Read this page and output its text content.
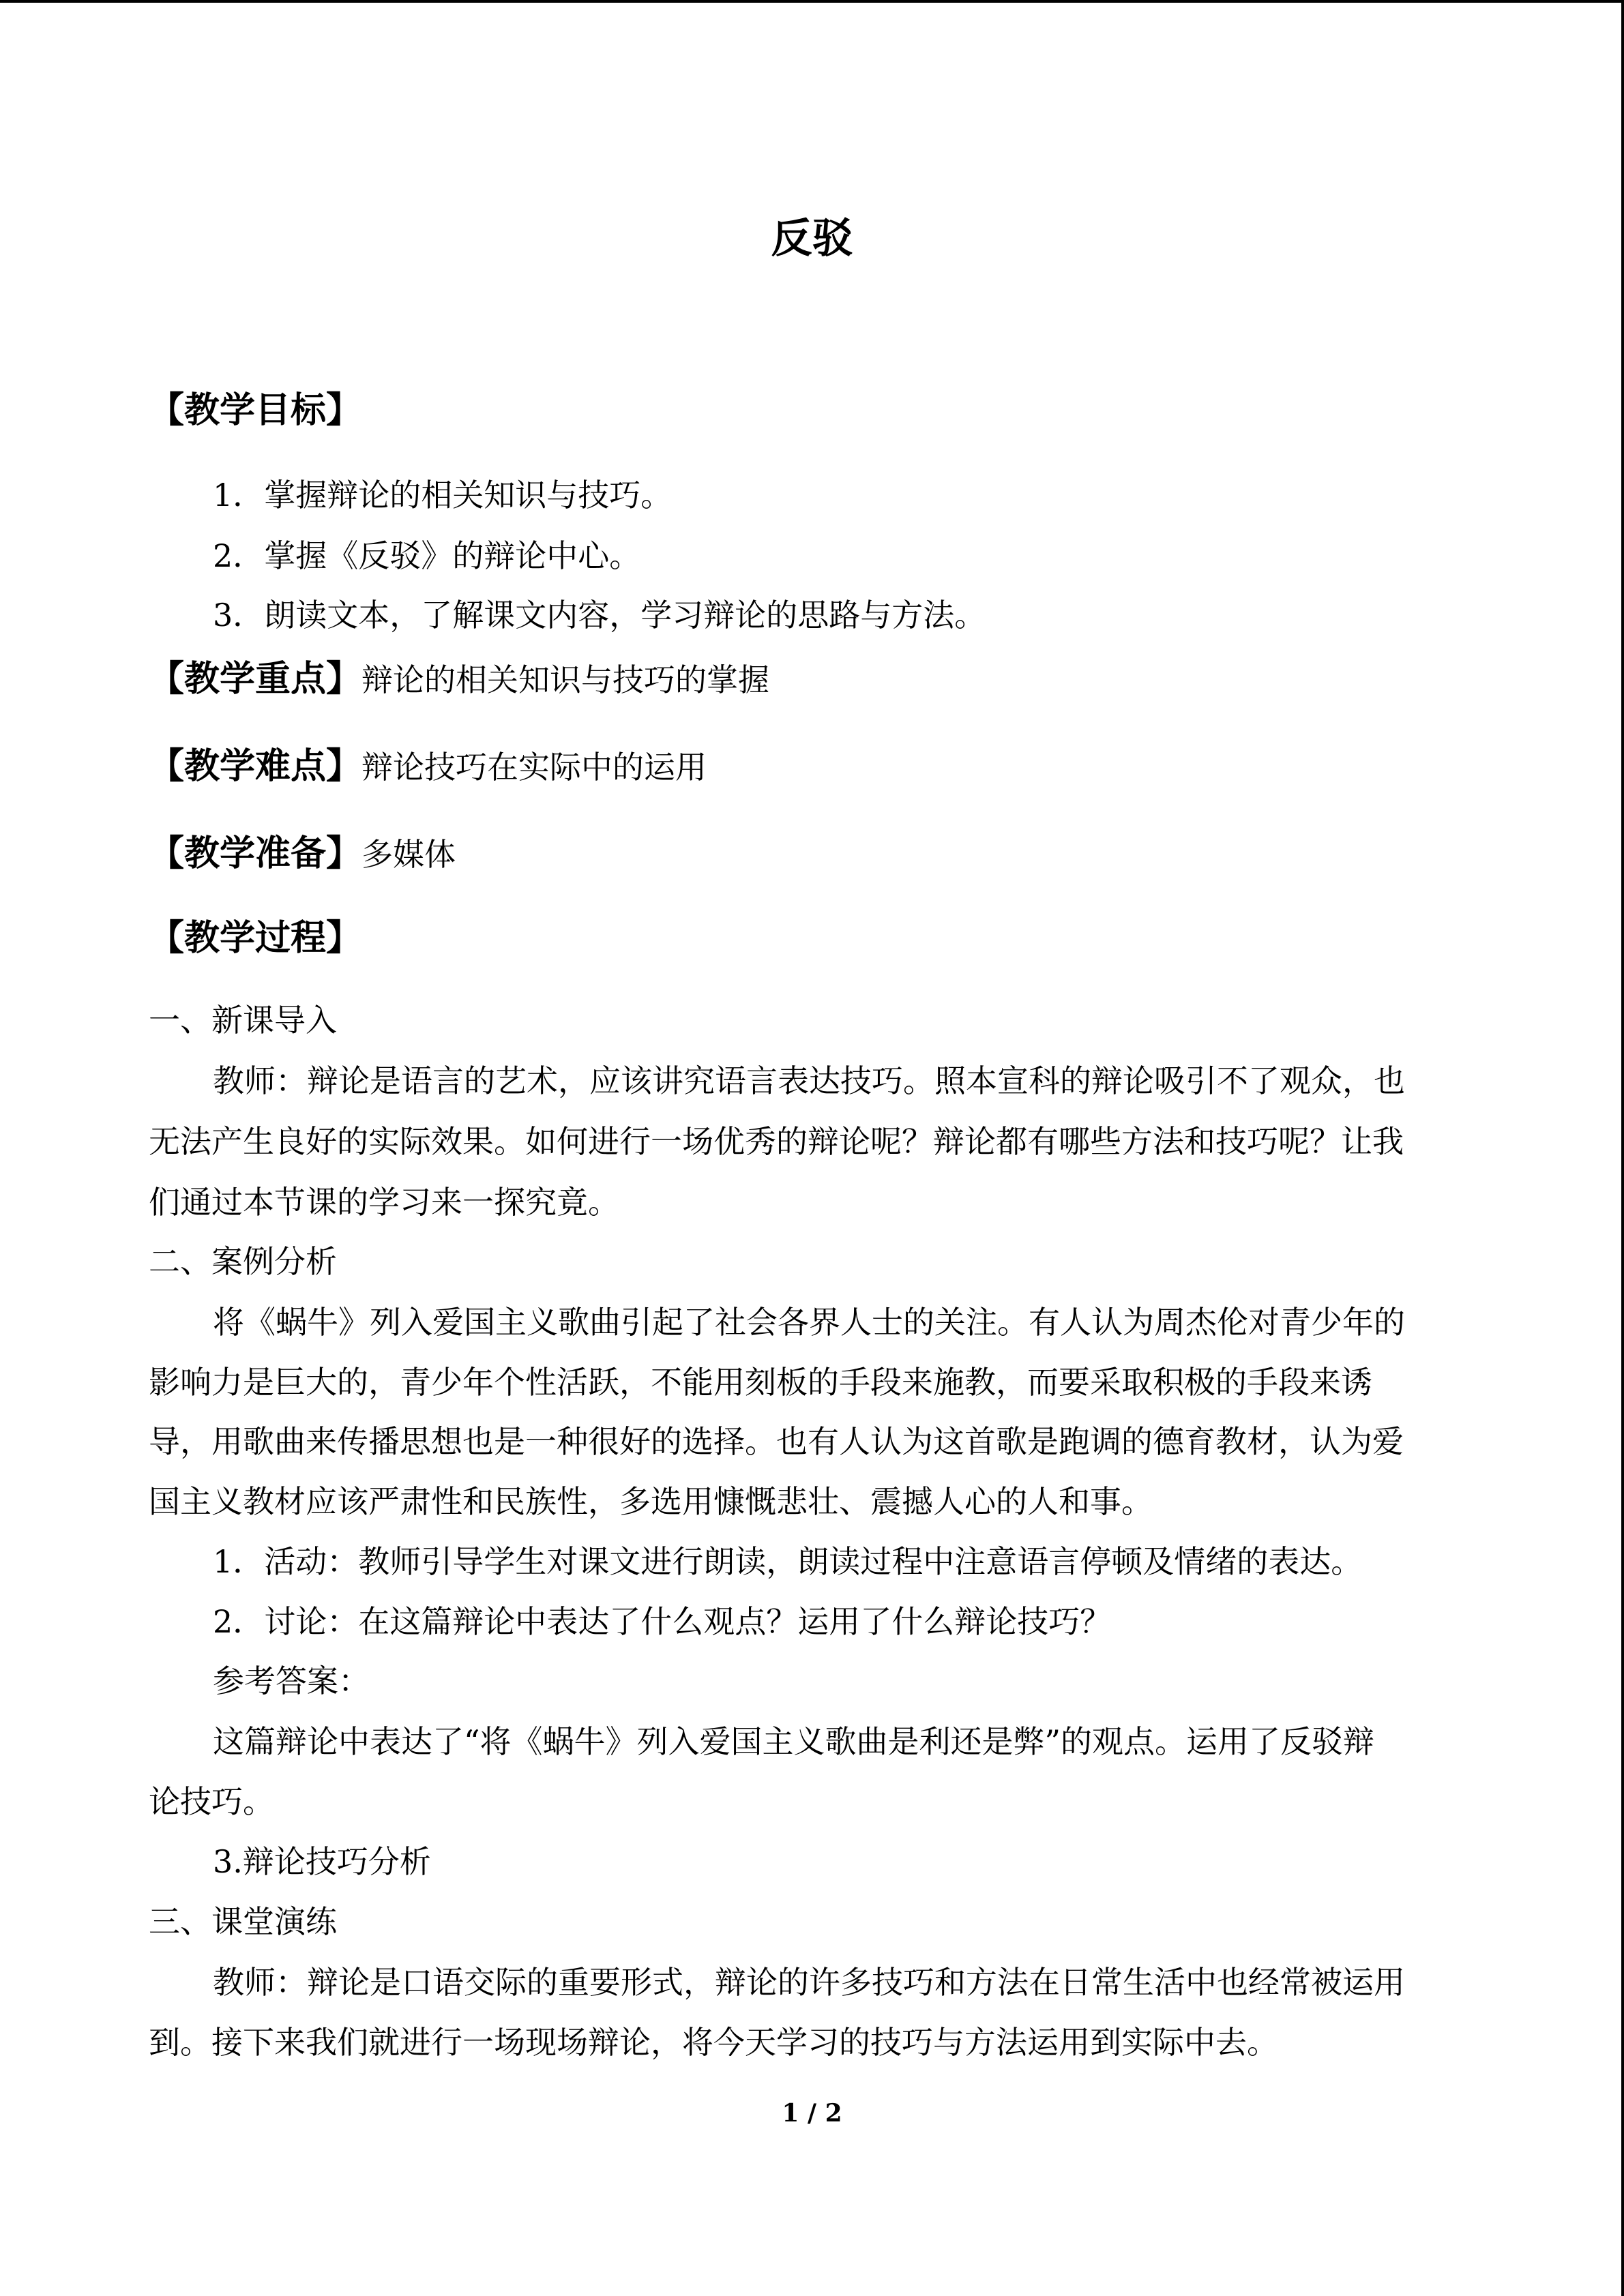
反驳
【教学目标】
1．掌握辩论的相关知识与技巧。
2．掌握《反驳》的辩论中心。
3．朗读文本，了解课文内容，学习辩论的思路与方法。
【教学重点】辩论的相关知识与技巧的掌握
【教学难点】辩论技巧在实际中的运用
【教学准备】多媒体
【教学过程】
一、新课导入
教师：辩论是语言的艺术，应该讲究语言表达技巧。照本宣科的辩论吸引不了观众，也
无法产生良好的实际效果。如何进行一场优秀的辩论呢？辩论都有哪些方法和技巧呢？让我
们通过本节课的学习来一探究竟。
二、案例分析
将《蜗牛》列入爱国主义歌曲引起了社会各界人士的关注。有人认为周杰伦对青少年的
影响力是巨大的，青少年个性活跃，不能用刻板的手段来施教，而要采取积极的手段来诱
导，用歌曲来传播思想也是一种很好的选择。也有人认为这首歌是跑调的德育教材，认为爱
国主义教材应该严肃性和民族性，多选用慷慨悲壮、震撼人心的人和事。
1．活动：教师引导学生对课文进行朗读，朗读过程中注意语言停顿及情绪的表达。
2．讨论：在这篇辩论中表达了什么观点？运用了什么辩论技巧？
参考答案：
这篇辩论中表达了“将《蜗牛》列入爱国主义歌曲是利还是弊”的观点。运用了反驳辩
论技巧。
3.辩论技巧分析
三、课堂演练
教师：辩论是口语交际的重要形式，辩论的许多技巧和方法在日常生活中也经常被运用
到。接下来我们就进行一场现场辩论，将今天学习的技巧与方法运用到实际中去。
1 / 2
